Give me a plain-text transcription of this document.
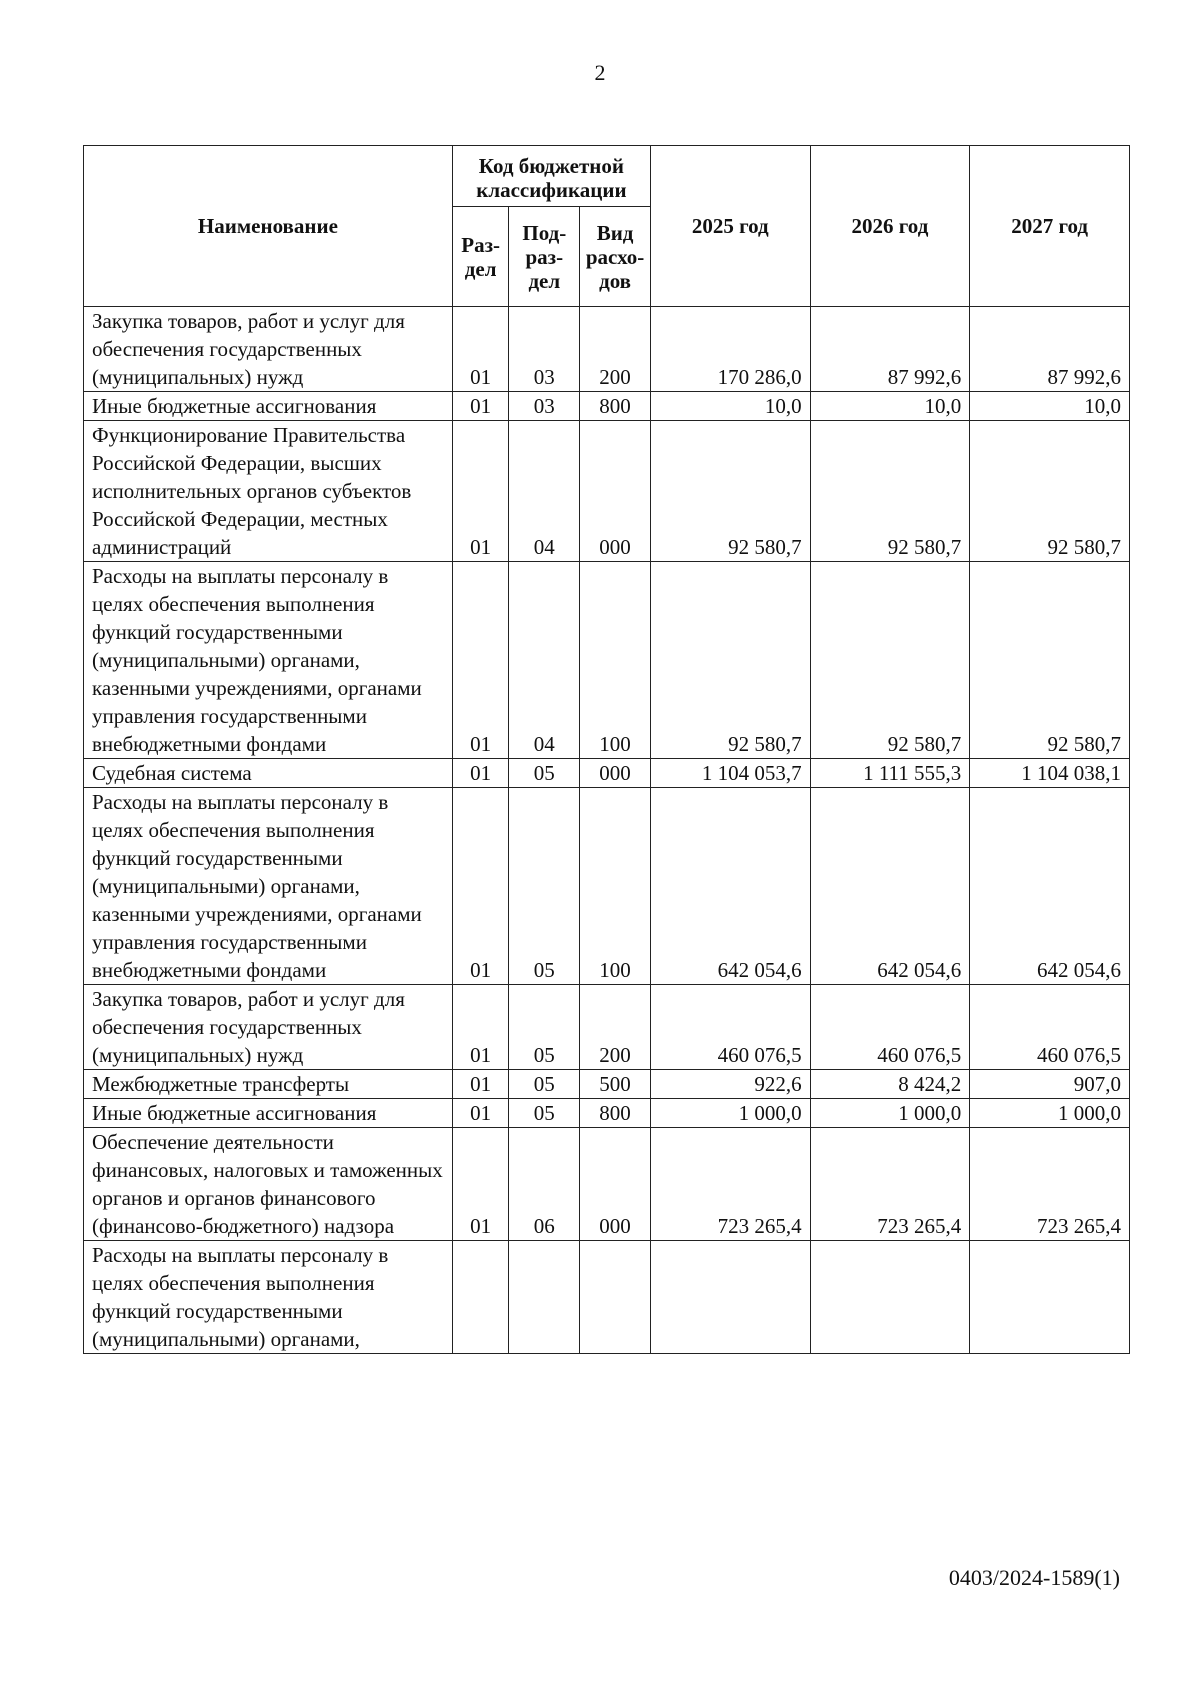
2
Наименование	Код бюджетной классификации			2025 год	2026 год	2027 год
	Раз-дел	Под-раз-дел	Вид расхо-дов			
Закупка товаров, работ и услуг для обеспечения государственных (муниципальных) нужд	01	03	200	170 286,0	87 992,6	87 992,6
Иные бюджетные ассигнования	01	03	800	10,0	10,0	10,0
Функционирование Правительства Российской Федерации, высших исполнительных органов субъектов Российской Федерации, местных администраций	01	04	000	92 580,7	92 580,7	92 580,7
Расходы на выплаты персоналу в целях обеспечения выполнения функций государственными (муниципальными) органами, казенными учреждениями, органами управления государственными внебюджетными фондами	01	04	100	92 580,7	92 580,7	92 580,7
Судебная система	01	05	000	1 104 053,7	1 111 555,3	1 104 038,1
Расходы на выплаты персоналу в целях обеспечения выполнения функций государственными (муниципальными) органами, казенными учреждениями, органами управления государственными внебюджетными фондами	01	05	100	642 054,6	642 054,6	642 054,6
Закупка товаров, работ и услуг для обеспечения государственных (муниципальных) нужд	01	05	200	460 076,5	460 076,5	460 076,5
Межбюджетные трансферты	01	05	500	922,6	8 424,2	907,0
Иные бюджетные ассигнования	01	05	800	1 000,0	1 000,0	1 000,0
Обеспечение деятельности финансовых, налоговых и таможенных органов и органов финансового (финансово-бюджетного) надзора	01	06	000	723 265,4	723 265,4	723 265,4
Расходы на выплаты персоналу в целях обеспечения выполнения функций государственными (муниципальными) органами,						
0403/2024-1589(1)
